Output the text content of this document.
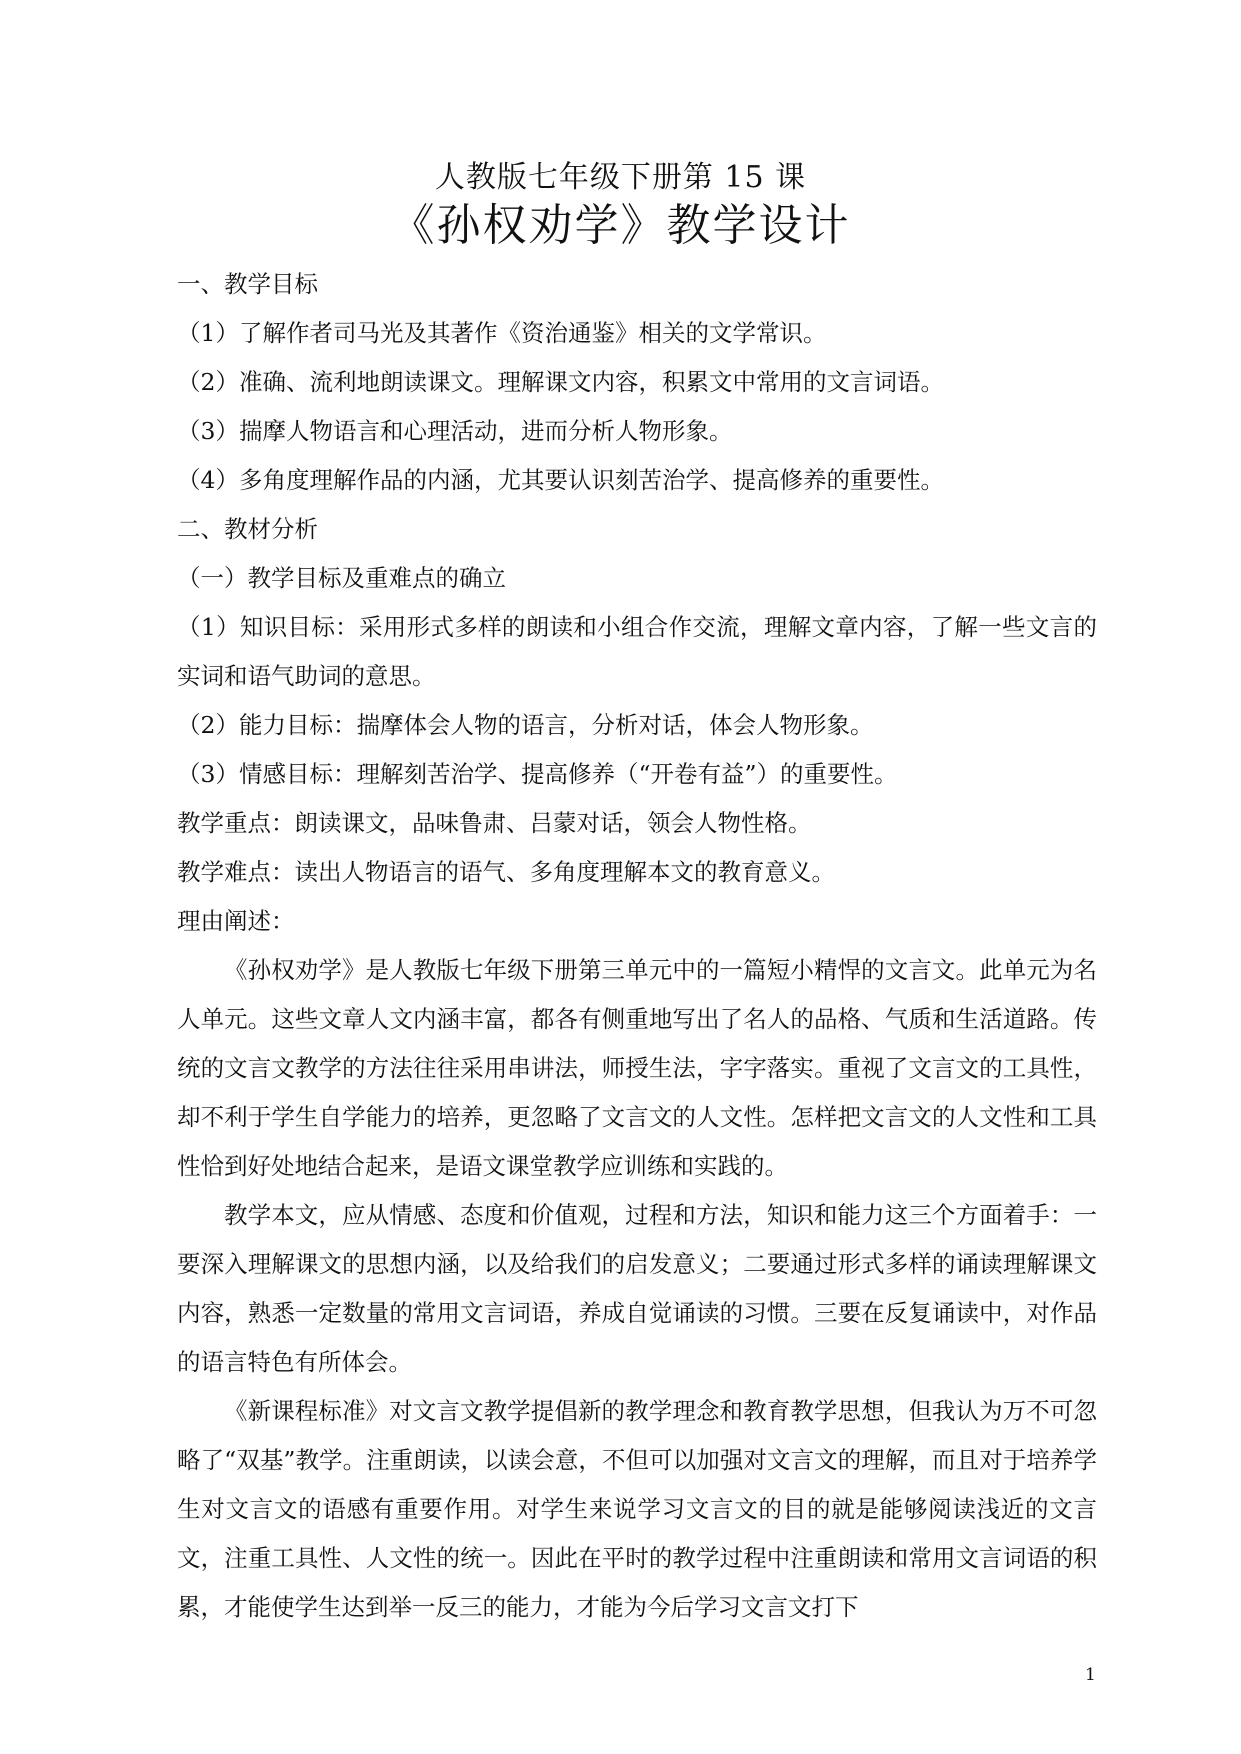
人教版七年级下册第 15 课
《孙权劝学》教学设计
一、教学目标
（1）了解作者司马光及其著作《资治通鉴》相关的文学常识。
（2）准确、流利地朗读课文。理解课文内容，积累文中常用的文言词语。
（3）揣摩人物语言和心理活动，进而分析人物形象。
（4）多角度理解作品的内涵，尤其要认识刻苦治学、提高修养的重要性。
二、教材分析
（一）教学目标及重难点的确立

（1）知识目标：采用形式多样的朗读和小组合作交流，理解文章内容，了解一些文言的实词和语气助词的意思。

（2）能力目标：揣摩体会人物的语言，分析对话，体会人物形象。
（3）情感目标：理解刻苦治学、提高修养（“开卷有益”）的重要性。
教学重点：朗读课文，品味鲁肃、吕蒙对话，领会人物性格。
教学难点：读出人物语言的语气、多角度理解本文的教育意义。
理由阐述：

《孙权劝学》是人教版七年级下册第三单元中的一篇短小精悍的文言文。此单元为名人单元。这些文章人文内涵丰富，都各有侧重地写出了名人的品格、气质和生活道路。传统的文言文教学的方法往往采用串讲法，师授生法，字字落实。重视了文言文的工具性，却不利于学生自学能力的培养，更忽略了文言文的人文性。怎样把文言文的人文性和工具性恰到好处地结合起来，是语文课堂教学应训练和实践的。

教学本文，应从情感、态度和价值观，过程和方法，知识和能力这三个方面着手：一要深入理解课文的思想内涵，以及给我们的启发意义；二要通过形式多样的诵读理解课文内容，熟悉一定数量的常用文言词语，养成自觉诵读的习惯。三要在反复诵读中，对作品的语言特色有所体会。

《新课程标准》对文言文教学提倡新的教学理念和教育教学思想，但我认为万不可忽略了“双基”教学。注重朗读，以读会意，不但可以加强对文言文的理解，而且对于培养学生对文言文的语感有重要作用。对学生来说学习文言文的目的就是能够阅读浅近的文言文，注重工具性、人文性的统一。因此在平时的教学过程中注重朗读和常用文言词语的积累，才能使学生达到举一反三的能力，才能为今后学习文言文打下

1
